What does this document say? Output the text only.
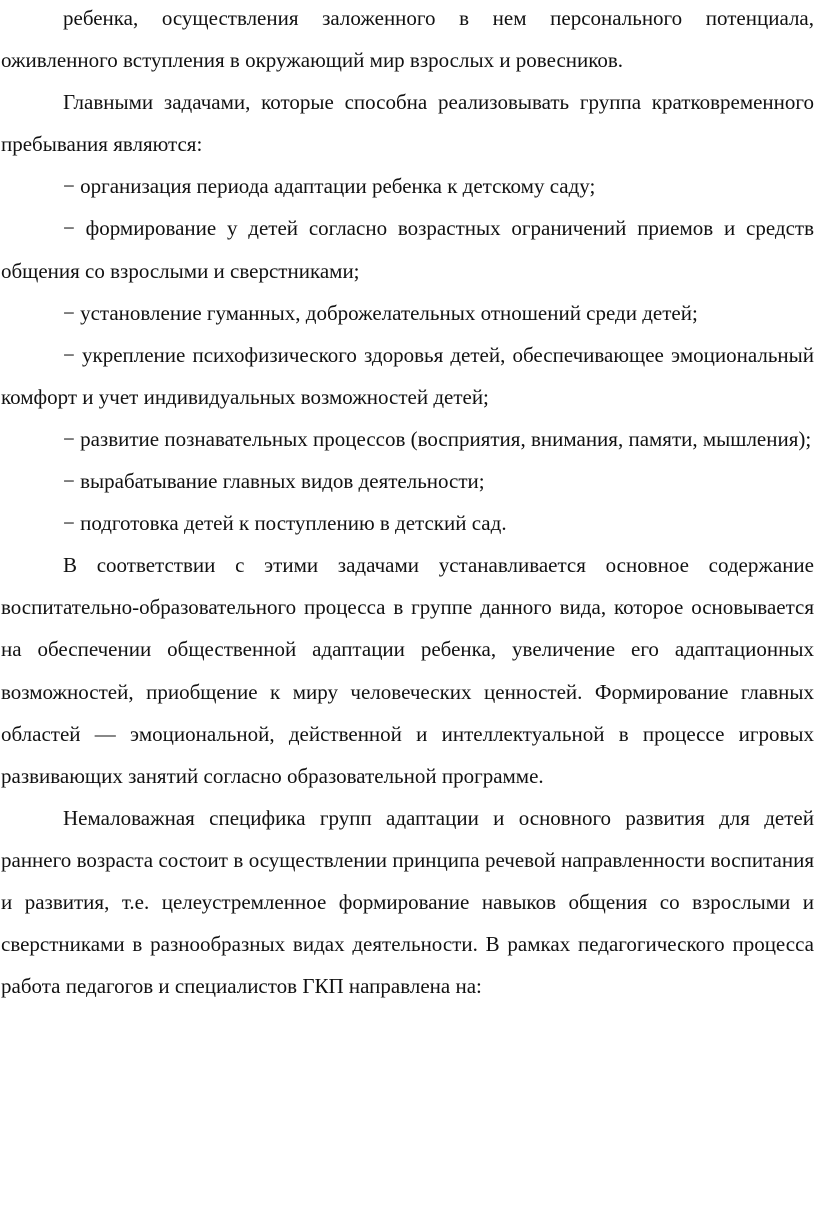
ребенка, осуществления заложенного в нем персонального потенциала, оживленного вступления в окружающий мир взрослых и ровесников.

Главными задачами, которые способна реализовывать группа кратковременного пребывания являются:

− организация периода адаптации ребенка к детскому саду;

− формирование у детей согласно возрастных ограничений приемов и средств общения со взрослыми и сверстниками;

− установление гуманных, доброжелательных отношений среди детей;

− укрепление психофизического здоровья детей, обеспечивающее эмоциональный комфорт и учет индивидуальных возможностей детей;

− развитие познавательных процессов (восприятия, внимания, памяти, мышления);

− вырабатывание главных видов деятельности;

− подготовка детей к поступлению в детский сад.

В соответствии с этими задачами устанавливается основное содержание воспитательно-образовательного процесса в группе данного вида, которое основывается на обеспечении общественной адаптации ребенка, увеличение его адаптационных возможностей, приобщение к миру человеческих ценностей. Формирование главных областей — эмоциональной, действенной и интеллектуальной в процессе игровых развивающих занятий согласно образовательной программе.

Немаловажная специфика групп адаптации и основного развития для детей раннего возраста состоит в осуществлении принципа речевой направленности воспитания и развития, т.е. целеустремленное формирование навыков общения со взрослыми и сверстниками в разнообразных видах деятельности. В рамках педагогического процесса работа педагогов и специалистов ГКП направлена на:
